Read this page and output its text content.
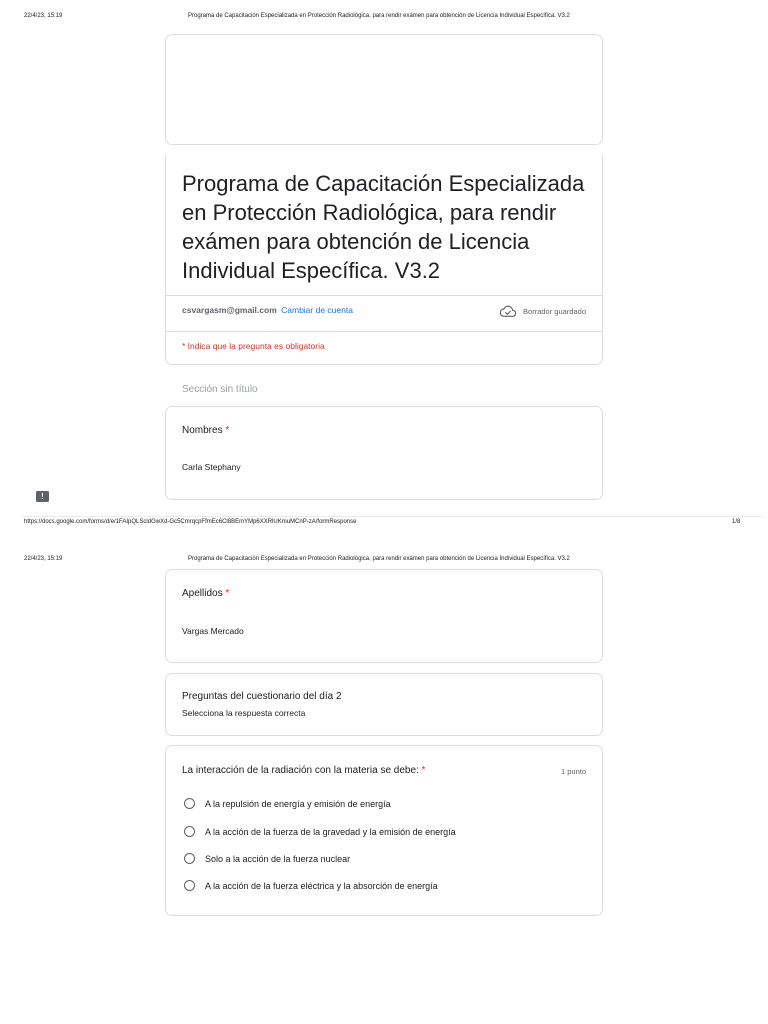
22/4/23, 15:19	Programa de Capacitación Especializada en Protección Radiológica, para rendir exámen para obtención de Licencia Individual Específica. V3.2
Programa de Capacitación Especializada en Protección Radiológica, para rendir exámen para obtención de Licencia Individual Específica. V3.2
csvargasm@gmail.com Cambiar de cuenta	Borrador guardado
* Indica que la pregunta es obligatoria
Sección sin título
Nombres *
Carla Stephany
!
https://docs.google.com/forms/d/e/1FAIpQLScldGwXd-Gc5CmrqcpFfmEc6Cl8BEmYMp6XXRlUKmuMCnP-zA/formResponse	1/8
22/4/23, 15:19	Programa de Capacitación Especializada en Protección Radiológica, para rendir exámen para obtención de Licencia Individual Específica. V3.2
Apellidos *
Vargas Mercado
Preguntas del cuestionario del día 2
Selecciona la respuesta correcta
La interacción de la radiación con la materia se debe: *	1 punto
A la repulsión de energía y emisión de energía
A la acción de la fuerza de la gravedad y la emisión de energía
Solo a la acción de la fuerza nuclear
A la acción de la fuerza eléctrica y la absorción de energía
